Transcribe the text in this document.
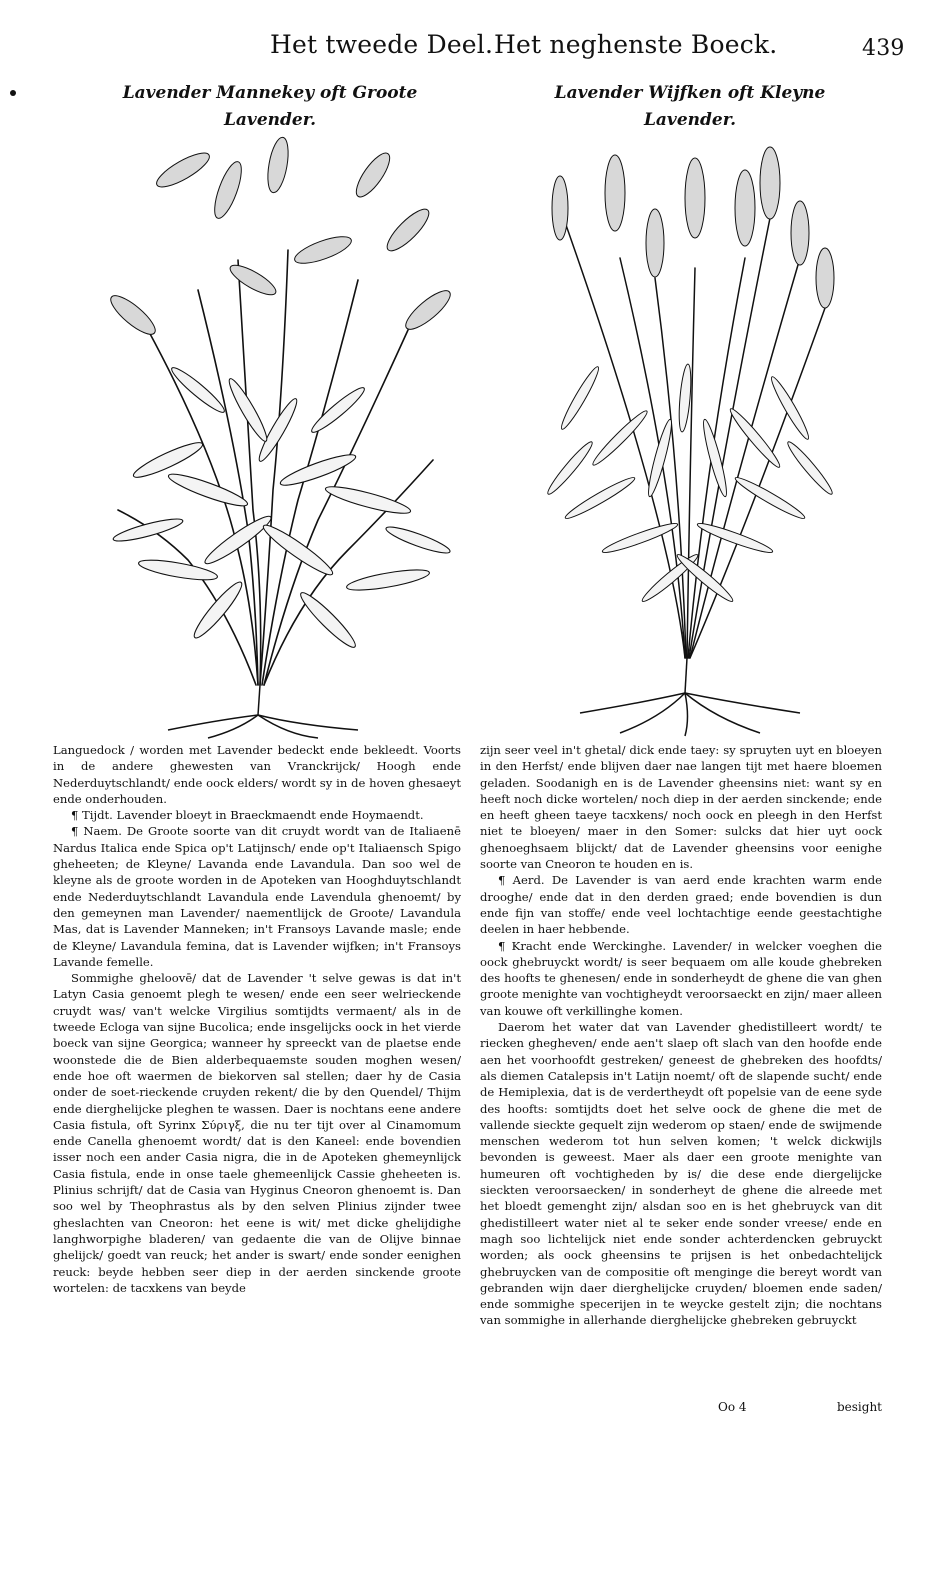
Het tweede Deel. Het neghenste Boeck.	439
Lavender Mannekey oft Groote Lavender.
Lavender Wijfken oft Kleyne Lavender.

Languedock / worden met Lavender bedeckt ende bekleedt. Voorts in de andere ghewesten van Vranckrijck/ Hoogh ende Nederduytschlandt/ ende oock elders/ wordt sy in de hoven ghesaeyt ende onderhouden.

¶ Tijdt. Lavender bloeyt in Braeckmaendt ende Hoymaendt.

¶ Naem. De Groote soorte van dit cruydt wordt van de Italiaenē Nardus Italica ende Spica op't Latijnsch/ ende op't Italiaensch Spigo gheheeten; de Kleyne/ Lavanda ende Lavandula. Dan soo wel de kleyne als de groote worden in de Apoteken van Hooghduytschlandt ende Nederduytschlandt Lavandula ende Lavendula ghenoemt/ by den gemeynen man Lavender/ naementlijck de Groote/ Lavandula Mas, dat is Lavender Manneken; in't Fransoys Lavande masle; ende de Kleyne/ Lavandula femina, dat is Lavender wijfken; in't Fransoys Lavande femelle.

Sommighe gheloovē/ dat de Lavender 't selve gewas is dat in't Latyn Casia genoemt plegh te wesen/ ende een seer welrieckende cruydt was/ van't welcke Virgilius somtijdts vermaent/ als in de tweede Ecloga van sijne Bucolica; ende insgelijcks oock in het vierde boeck van sijne Georgica; wanneer hy spreeckt van de plaetse ende woonstede die de Bien alderbequaemste souden moghen wesen/ ende hoe oft waermen de biekorven sal stellen; daer hy de Casia onder de soet-rieckende cruyden rekent/ die by den Quendel/ Thijm ende dierghelijcke pleghen te wassen. Daer is nochtans eene andere Casia fistula, oft Syrinx Σύριγξ, die nu ter tijt over al Cinamomum ende Canella ghenoemt wordt/ dat is den Kaneel: ende bovendien isser noch een ander Casia nigra, die in de Apoteken ghemeynlijck Casia fistula, ende in onse taele ghemeenlijck Cassie gheheeten is. Plinius schrijft/ dat de Casia van Hyginus Cneoron ghenoemt is. Dan soo wel by Theophrastus als by den selven Plinius zijnder twee gheslachten van Cneoron: het eene is wit/ met dicke ghelijdighe langhworpighe bladeren/ van gedaente die van de Olijve binnae ghelijck/ goedt van reuck; het ander is swart/ ende sonder eenighen reuck: beyde hebben seer diep in der aerden sinckende groote wortelen: de tacxkens van beyde

zijn seer veel in't ghetal/ dick ende taey: sy spruyten uyt en bloeyen in den Herfst/ ende blijven daer nae langen tijt met haere bloemen geladen. Soodanigh en is de Lavender gheensins niet: want sy en heeft noch dicke wortelen/ noch diep in der aerden sinckende; ende en heeft gheen taeye tacxkens/ noch oock en pleegh in den Herfst niet te bloeyen/ maer in den Somer: sulcks dat hier uyt oock ghenoeghsaem blijckt/ dat de Lavender gheensins voor eenighe soorte van Cneoron te houden en is.

¶ Aerd. De Lavender is van aerd ende krachten warm ende drooghe/ ende dat in den derden graed; ende bovendien is dun ende fijn van stoffe/ ende veel lochtachtige eende geestachtighe deelen in haer hebbende.

¶ Kracht ende Werckinghe. Lavender/ in welcker voeghen die oock ghebruyckt wordt/ is seer bequaem om alle koude ghebreken des hoofts te ghenesen/ ende in sonderheydt de ghene die van ghen groote menighte van vochtigheydt veroorsaeckt en zijn/ maer alleen van kouwe oft verkillinghe komen.

Daerom het water dat van Lavender ghedistilleert wordt/ te riecken ghegheven/ ende aen't slaep oft slach van den hoofde ende aen het voorhoofdt gestreken/ geneest de ghebreken des hoofdts/ als diemen Catalepsis in't Latijn noemt/ oft de slapende sucht/ ende de Hemiplexia, dat is de verdertheydt oft popelsie van de eene syde des hoofts: somtijdts doet het selve oock de ghene die met de vallende sieckte gequelt zijn wederom op staen/ ende de swijmende menschen wederom tot hun selven komen; 't welck dickwijls bevonden is geweest. Maer als daer een groote menighte van humeuren oft vochtigheden by is/ die dese ende diergelijcke sieckten veroorsaecken/ in sonderheyt de ghene die alreede met het bloedt gemenght zijn/ alsdan soo en is het ghebruyck van dit ghedistilleert water niet al te seker ende sonder vreese/ ende en magh soo lichtelijck niet ende sonder achterdencken gebruyckt worden; als oock gheensins te prijsen is het onbedachtelijck ghebruycken van de compositie oft menginge die bereyt wordt van gebranden wijn daer dierghelijcke cruyden/ bloemen ende saden/ ende sommighe specerijen in te weycke gestelt zijn; die nochtans van sommighe in allerhande dierghelijcke ghebreken gebruyckt

Oo 4	besight
